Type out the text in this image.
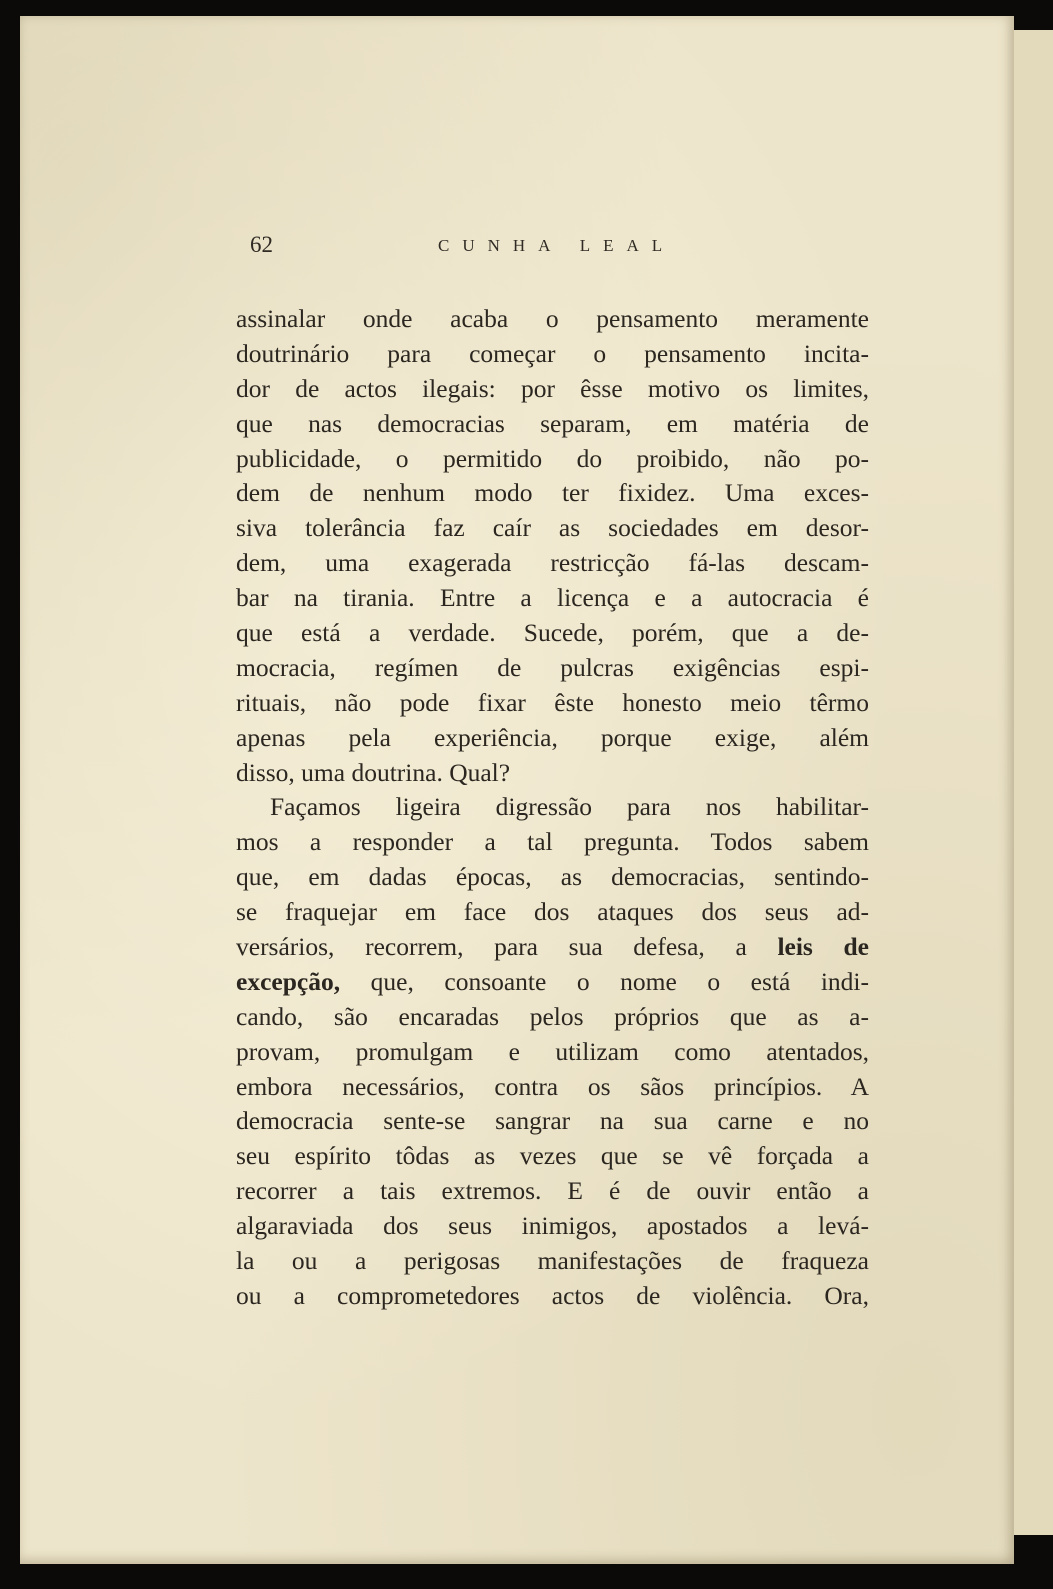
62	CUNHA LEAL
assinalar onde acaba o pensamento meramente
doutrinário para começar o pensamento incita-
dor de actos ilegais: por êsse motivo os limites,
que nas democracias separam, em matéria de
publicidade, o permitido do proibido, não po-
dem de nenhum modo ter fixidez. Uma exces-
siva tolerância faz caír as sociedades em desor-
dem, uma exagerada restricção fá-las descam-
bar na tirania. Entre a licença e a autocracia é
que está a verdade. Sucede, porém, que a de-
mocracia, regímen de pulcras exigências espi-
rituais, não pode fixar êste honesto meio têrmo
apenas pela experiência, porque exige, além
disso, uma doutrina. Qual?
Façamos ligeira digressão para nos habilitar-
mos a responder a tal pregunta. Todos sabem
que, em dadas épocas, as democracias, sentindo-
se fraquejar em face dos ataques dos seus ad-
versários, recorrem, para sua defesa, a leis de
excepção, que, consoante o nome o está indi-
cando, são encaradas pelos próprios que as a-
provam, promulgam e utilizam como atentados,
embora necessários, contra os sãos princípios. A
democracia sente-se sangrar na sua carne e no
seu espírito tôdas as vezes que se vê forçada a
recorrer a tais extremos. E é de ouvir então a
algaraviada dos seus inimigos, apostados a levá-
la ou a perigosas manifestações de fraqueza
ou a comprometedores actos de violência. Ora,
